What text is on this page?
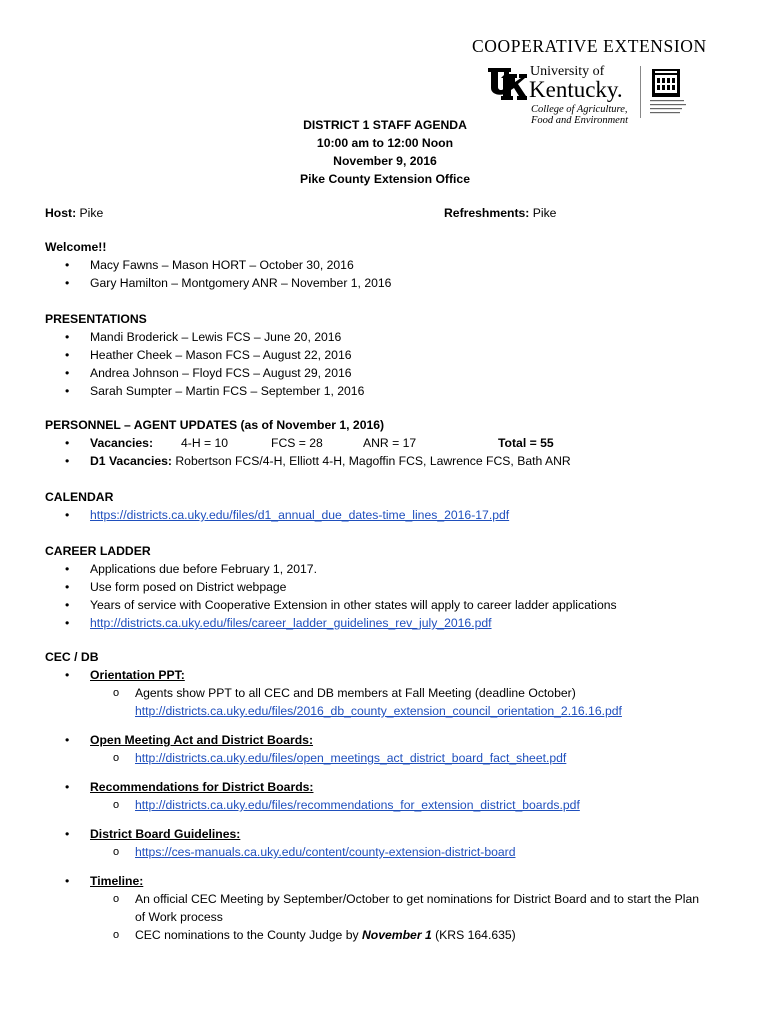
COOPERATIVE EXTENSION
University of
Kentucky.
College of Agriculture,
Food and Environment
DISTRICT 1 STAFF AGENDA
10:00 am to 12:00 Noon
November 9, 2016
Pike County Extension Office
Host: Pike	Refreshments: Pike
Welcome!!
• Macy Fawns – Mason HORT – October 30, 2016
• Gary Hamilton – Montgomery ANR – November 1, 2016
PRESENTATIONS
• Mandi Broderick – Lewis FCS – June 20, 2016
• Heather Cheek – Mason FCS – August 22, 2016
• Andrea Johnson – Floyd FCS – August 29, 2016
• Sarah Sumpter – Martin FCS – September 1, 2016
PERSONNEL – AGENT UPDATES (as of November 1, 2016)
• Vacancies: 4-H = 10	FCS = 28	ANR = 17	Total = 55
• D1 Vacancies: Robertson FCS/4-H, Elliott 4-H, Magoffin FCS, Lawrence FCS, Bath ANR
CALENDAR
• https://districts.ca.uky.edu/files/d1_annual_due_dates-time_lines_2016-17.pdf
CAREER LADDER
• Applications due before February 1, 2017.
• Use form posed on District webpage
• Years of service with Cooperative Extension in other states will apply to career ladder applications
• http://districts.ca.uky.edu/files/career_ladder_guidelines_rev_july_2016.pdf
CEC / DB
• Orientation PPT:
o Agents show PPT to all CEC and DB members at Fall Meeting (deadline October)
http://districts.ca.uky.edu/files/2016_db_county_extension_council_orientation_2.16.16.pdf
• Open Meeting Act and District Boards:
o http://districts.ca.uky.edu/files/open_meetings_act_district_board_fact_sheet.pdf
• Recommendations for District Boards:
o http://districts.ca.uky.edu/files/recommendations_for_extension_district_boards.pdf
• District Board Guidelines:
o https://ces-manuals.ca.uky.edu/content/county-extension-district-board
• Timeline:
o An official CEC Meeting by September/October to get nominations for District Board and to start the Plan of Work process
o CEC nominations to the County Judge by November 1 (KRS 164.635)
